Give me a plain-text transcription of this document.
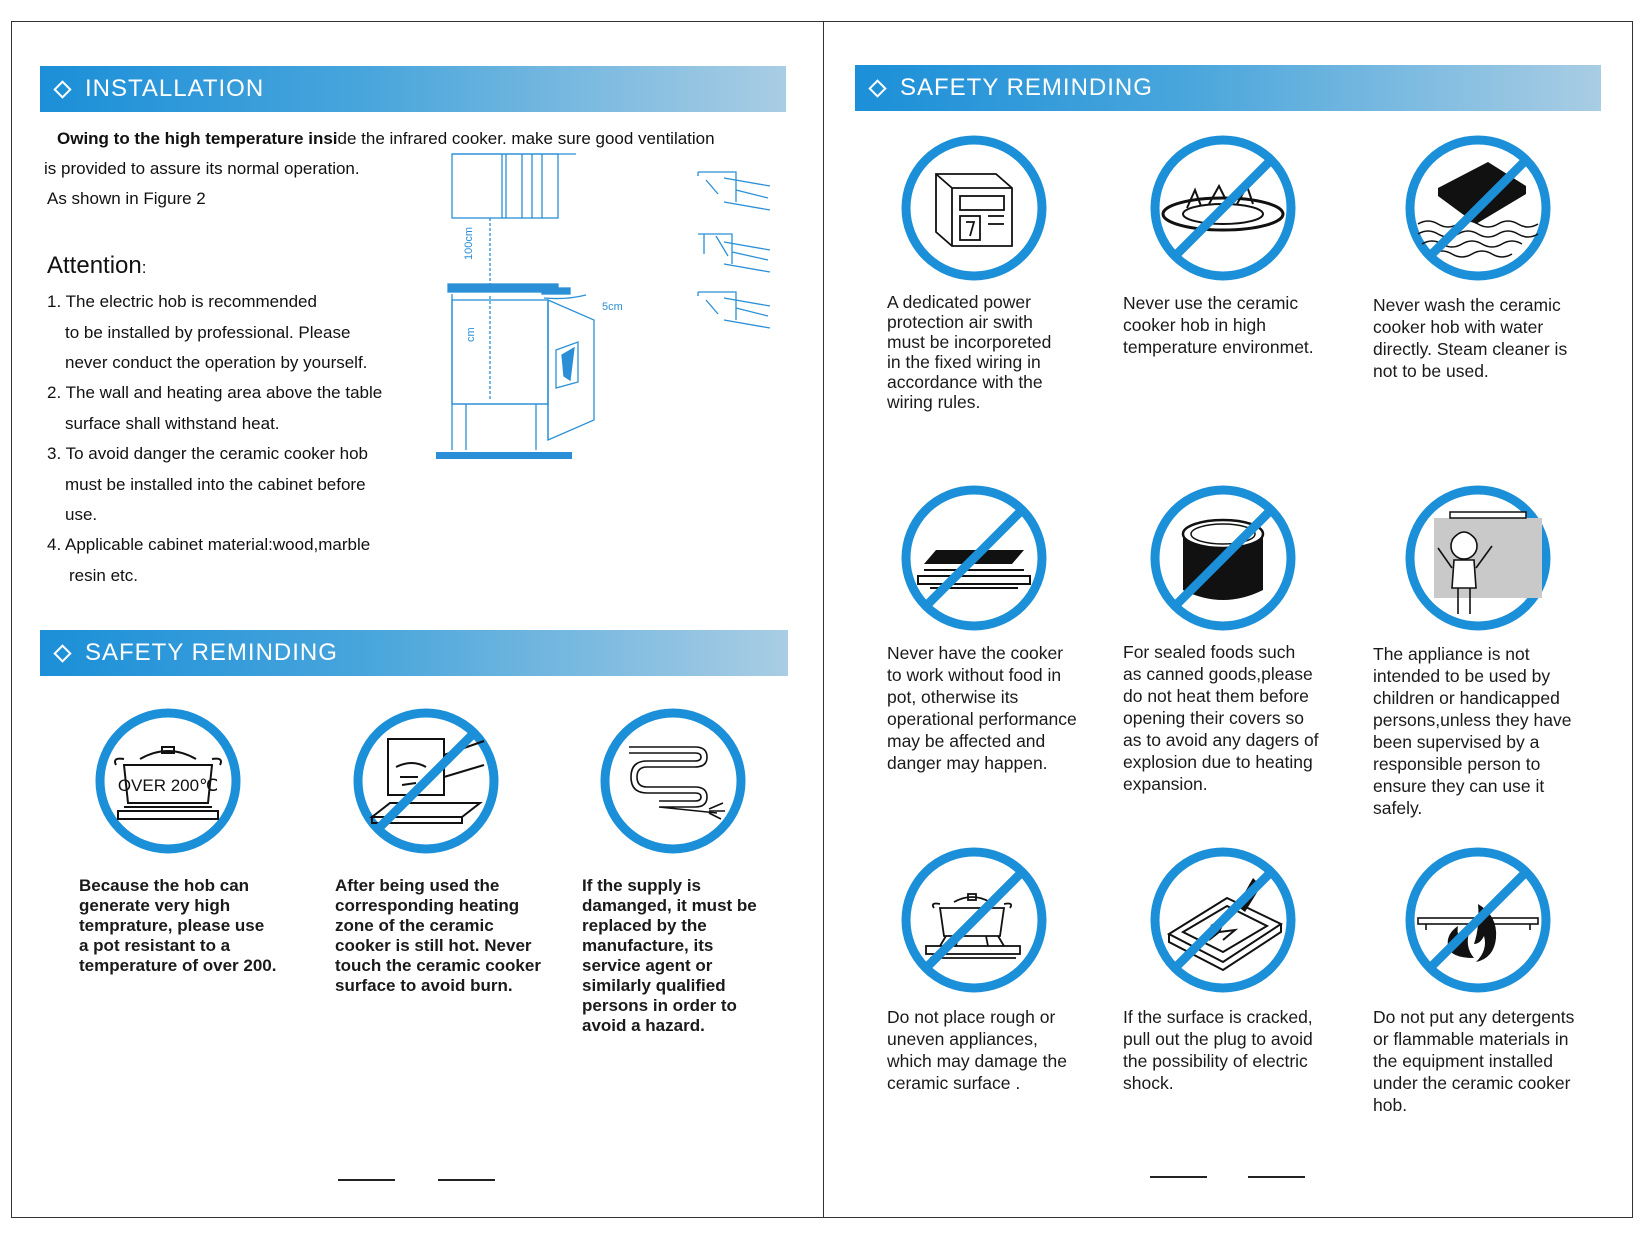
INSTALLATION
Owing to the high temperature inside the infrared cooker. make sure good ventilation
is provided to assure its normal operation.
As shown in Figure 2
Attention:
1. The electric hob is recommended
to be installed by professional. Please
never conduct the operation by yourself.
2. The wall and heating area above the table
surface shall withstand heat.
3. To avoid danger the ceramic cooker hob
must be installed into the cabinet before
use.
4. Applicable cabinet material:wood,marble
resin etc.
100cm
cm
5cm
SAFETY REMINDING
OVER 200℃
Because the hob can
generate very high
temprature, please use
a pot resistant to a
temperature of over 200.
After being used the
corresponding heating
zone of the ceramic
cooker is still hot. Never
touch the ceramic cooker
surface to avoid burn.
If the supply is
damanged, it must be
replaced by the
manufacture, its
service agent or
similarly qualified
persons in order to
avoid a hazard.
SAFETY REMINDING
A dedicated power
protection air swith
must be incorporeted
in the fixed wiring in
accordance with the
wiring rules.
Never use the ceramic
cooker hob in high
temperature environmet.
Never wash the ceramic
cooker hob with water
directly. Steam cleaner is
not to be used.
Never have the cooker
to work without food in
pot, otherwise its
operational performance
may be affected and
danger may happen.
For sealed foods such
as canned goods,please
do not heat them before
opening their covers so
as to avoid any dagers of
explosion due to heating
expansion.
The appliance is not
intended to be used by
children or handicapped
persons,unless they have
been supervised by a
responsible person to
ensure they can use it
safely.
Do not place rough or
uneven appliances,
which may damage the
ceramic surface .
If the surface is cracked,
pull out the plug to avoid
the possibility of electric
shock.
Do not put any detergents
or flammable materials in
the equipment installed
under the ceramic cooker
hob.
